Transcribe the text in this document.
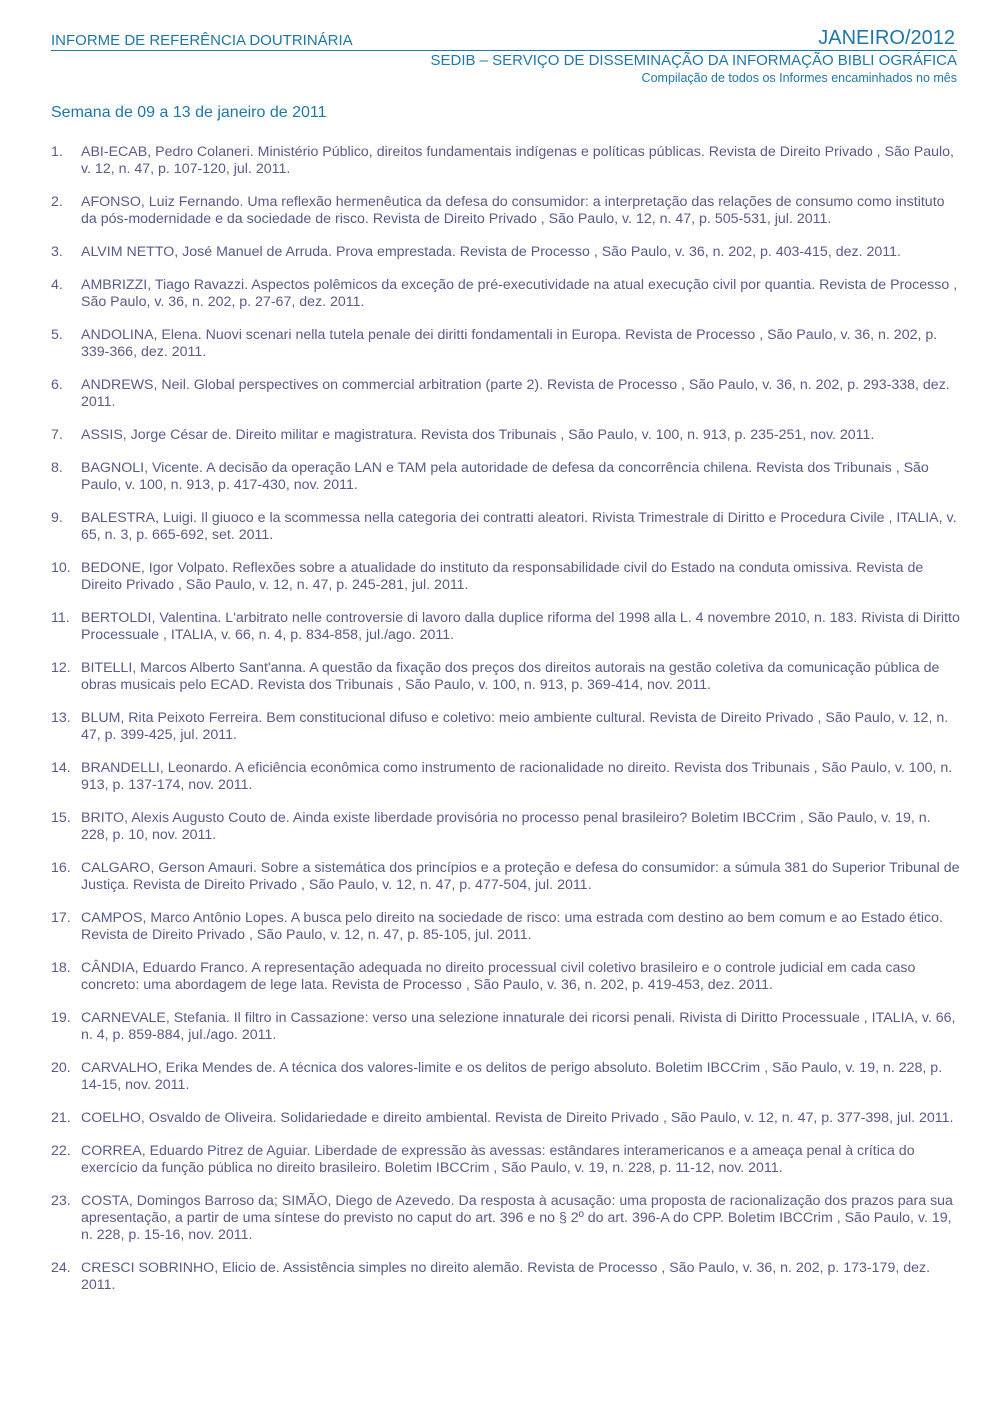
INFORME DE REFERÊNCIA DOUTRINÁRIA	JANEIRO/2012
SEDIB – SERVIÇO DE DISSEMINAÇÃO DA INFORMAÇÃO BIBLI OGRÁFICA
Compilação de todos os Informes encaminhados no mês
Semana de 09 a 13 de janeiro de 2011
1. ABI-ECAB, Pedro Colaneri. Ministério Público, direitos fundamentais indígenas e políticas públicas. Revista de Direito Privado , São Paulo, v. 12, n. 47, p. 107-120, jul. 2011.
2. AFONSO, Luiz Fernando. Uma reflexão hermenêutica da defesa do consumidor: a interpretação das relações de consumo como instituto da pós-modernidade e da sociedade de risco. Revista de Direito Privado , São Paulo, v. 12, n. 47, p. 505-531, jul. 2011.
3. ALVIM NETTO, José Manuel de Arruda. Prova emprestada. Revista de Processo , São Paulo, v. 36, n. 202, p. 403-415, dez. 2011.
4. AMBRIZZI, Tiago Ravazzi. Aspectos polêmicos da exceção de pré-executividade na atual execução civil por quantia. Revista de Processo , São Paulo, v. 36, n. 202, p. 27-67, dez. 2011.
5. ANDOLINA, Elena. Nuovi scenari nella tutela penale dei diritti fondamentali in Europa. Revista de Processo , São Paulo, v. 36, n. 202, p. 339-366, dez. 2011.
6. ANDREWS, Neil. Global perspectives on commercial arbitration (parte 2). Revista de Processo , São Paulo, v. 36, n. 202, p. 293-338, dez. 2011.
7. ASSIS, Jorge César de. Direito militar e magistratura. Revista dos Tribunais , São Paulo, v. 100, n. 913, p. 235-251, nov. 2011.
8. BAGNOLI, Vicente. A decisão da operação LAN e TAM pela autoridade de defesa da concorrência chilena. Revista dos Tribunais , São Paulo, v. 100, n. 913, p. 417-430, nov. 2011.
9. BALESTRA, Luigi. Il giuoco e la scommessa nella categoria dei contratti aleatori. Rivista Trimestrale di Diritto e Procedura Civile , ITALIA, v. 65, n. 3, p. 665-692, set. 2011.
10. BEDONE, Igor Volpato. Reflexões sobre a atualidade do instituto da responsabilidade civil do Estado na conduta omissiva. Revista de Direito Privado , São Paulo, v. 12, n. 47, p. 245-281, jul. 2011.
11. BERTOLDI, Valentina. L'arbitrato nelle controversie di lavoro dalla duplice riforma del 1998 alla L. 4 novembre 2010, n. 183. Rivista di Diritto Processuale , ITALIA, v. 66, n. 4, p. 834-858, jul./ago. 2011.
12. BITELLI, Marcos Alberto Sant'anna. A questão da fixação dos preços dos direitos autorais na gestão coletiva da comunicação pública de obras musicais pelo ECAD. Revista dos Tribunais , São Paulo, v. 100, n. 913, p. 369-414, nov. 2011.
13. BLUM, Rita Peixoto Ferreira. Bem constitucional difuso e coletivo: meio ambiente cultural. Revista de Direito Privado , São Paulo, v. 12, n. 47, p. 399-425, jul. 2011.
14. BRANDELLI, Leonardo. A eficiência econômica como instrumento de racionalidade no direito. Revista dos Tribunais , São Paulo, v. 100, n. 913, p. 137-174, nov. 2011.
15. BRITO, Alexis Augusto Couto de. Ainda existe liberdade provisória no processo penal brasileiro? Boletim IBCCrim , São Paulo, v. 19, n. 228, p. 10, nov. 2011.
16. CALGARO, Gerson Amauri. Sobre a sistemática dos princípios e a proteção e defesa do consumidor: a súmula 381 do Superior Tribunal de Justiça. Revista de Direito Privado , São Paulo, v. 12, n. 47, p. 477-504, jul. 2011.
17. CAMPOS, Marco Antônio Lopes. A busca pelo direito na sociedade de risco: uma estrada com destino ao bem comum e ao Estado ético. Revista de Direito Privado , São Paulo, v. 12, n. 47, p. 85-105, jul. 2011.
18. CÂNDIA, Eduardo Franco. A representação adequada no direito processual civil coletivo brasileiro e o controle judicial em cada caso concreto: uma abordagem de lege lata. Revista de Processo , São Paulo, v. 36, n. 202, p. 419-453, dez. 2011.
19. CARNEVALE, Stefania. Il filtro in Cassazione: verso una selezione innaturale dei ricorsi penali. Rivista di Diritto Processuale , ITALIA, v. 66, n. 4, p. 859-884, jul./ago. 2011.
20. CARVALHO, Erika Mendes de. A técnica dos valores-limite e os delitos de perigo absoluto. Boletim IBCCrim , São Paulo, v. 19, n. 228, p. 14-15, nov. 2011.
21. COELHO, Osvaldo de Oliveira. Solidariedade e direito ambiental. Revista de Direito Privado , São Paulo, v. 12, n. 47, p. 377-398, jul. 2011.
22. CORREA, Eduardo Pitrez de Aguiar. Liberdade de expressão às avessas: estândares interamericanos e a ameaça penal à crítica do exercício da função pública no direito brasileiro. Boletim IBCCrim , São Paulo, v. 19, n. 228, p. 11-12, nov. 2011.
23. COSTA, Domingos Barroso da; SIMÃO, Diego de Azevedo. Da resposta à acusação: uma proposta de racionalização dos prazos para sua apresentação, a partir de uma síntese do previsto no caput do art. 396 e no § 2º do art. 396-A do CPP. Boletim IBCCrim , São Paulo, v. 19, n. 228, p. 15-16, nov. 2011.
24. CRESCI SOBRINHO, Elicio de. Assistência simples no direito alemão. Revista de Processo , São Paulo, v. 36, n. 202, p. 173-179, dez. 2011.
